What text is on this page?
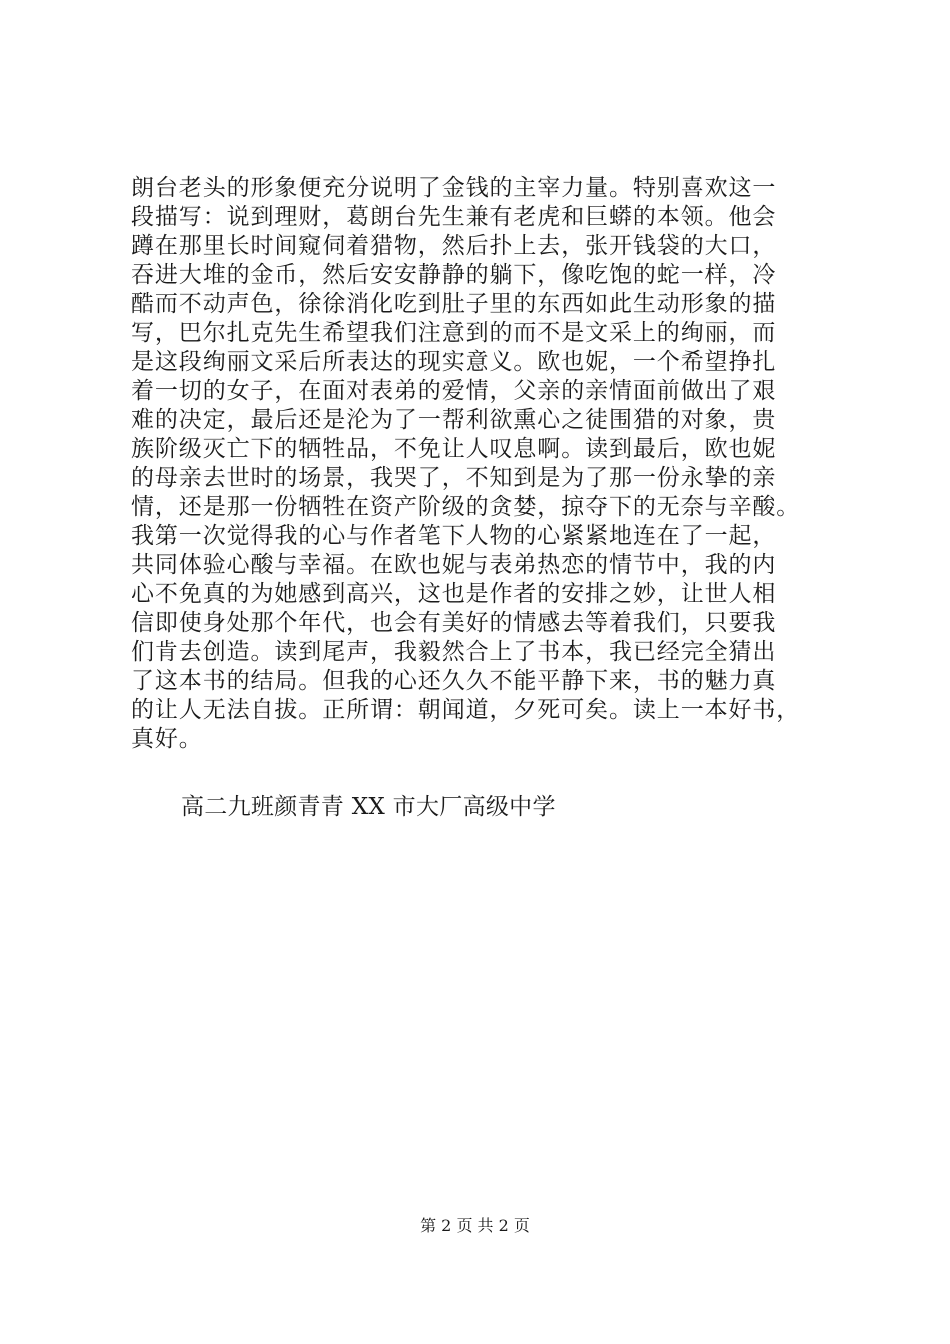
朗台老头的形象便充分说明了金钱的主宰力量。特别喜欢这一
段描写：说到理财，葛朗台先生兼有老虎和巨蟒的本领。他会
蹲在那里长时间窥伺着猎物，然后扑上去，张开钱袋的大口，
吞进大堆的金币，然后安安静静的躺下，像吃饱的蛇一样，冷
酷而不动声色，徐徐消化吃到肚子里的东西如此生动形象的描
写，巴尔扎克先生希望我们注意到的而不是文采上的绚丽，而
是这段绚丽文采后所表达的现实意义。欧也妮，一个希望挣扎
着一切的女子，在面对表弟的爱情，父亲的亲情面前做出了艰
难的决定，最后还是沦为了一帮利欲熏心之徒围猎的对象，贵
族阶级灭亡下的牺牲品，不免让人叹息啊。读到最后，欧也妮
的母亲去世时的场景，我哭了，不知到是为了那一份永挚的亲
情，还是那一份牺牲在资产阶级的贪婪，掠夺下的无奈与辛酸。
我第一次觉得我的心与作者笔下人物的心紧紧地连在了一起，
共同体验心酸与幸福。在欧也妮与表弟热恋的情节中，我的内
心不免真的为她感到高兴，这也是作者的安排之妙，让世人相
信即使身处那个年代，也会有美好的情感去等着我们，只要我
们肯去创造。读到尾声，我毅然合上了书本，我已经完全猜出
了这本书的结局。但我的心还久久不能平静下来，书的魅力真
的让人无法自拔。正所谓：朝闻道，夕死可矣。读上一本好书，
真好。
高二九班颜青青 XX 市大厂高级中学
第 2 页 共 2 页
